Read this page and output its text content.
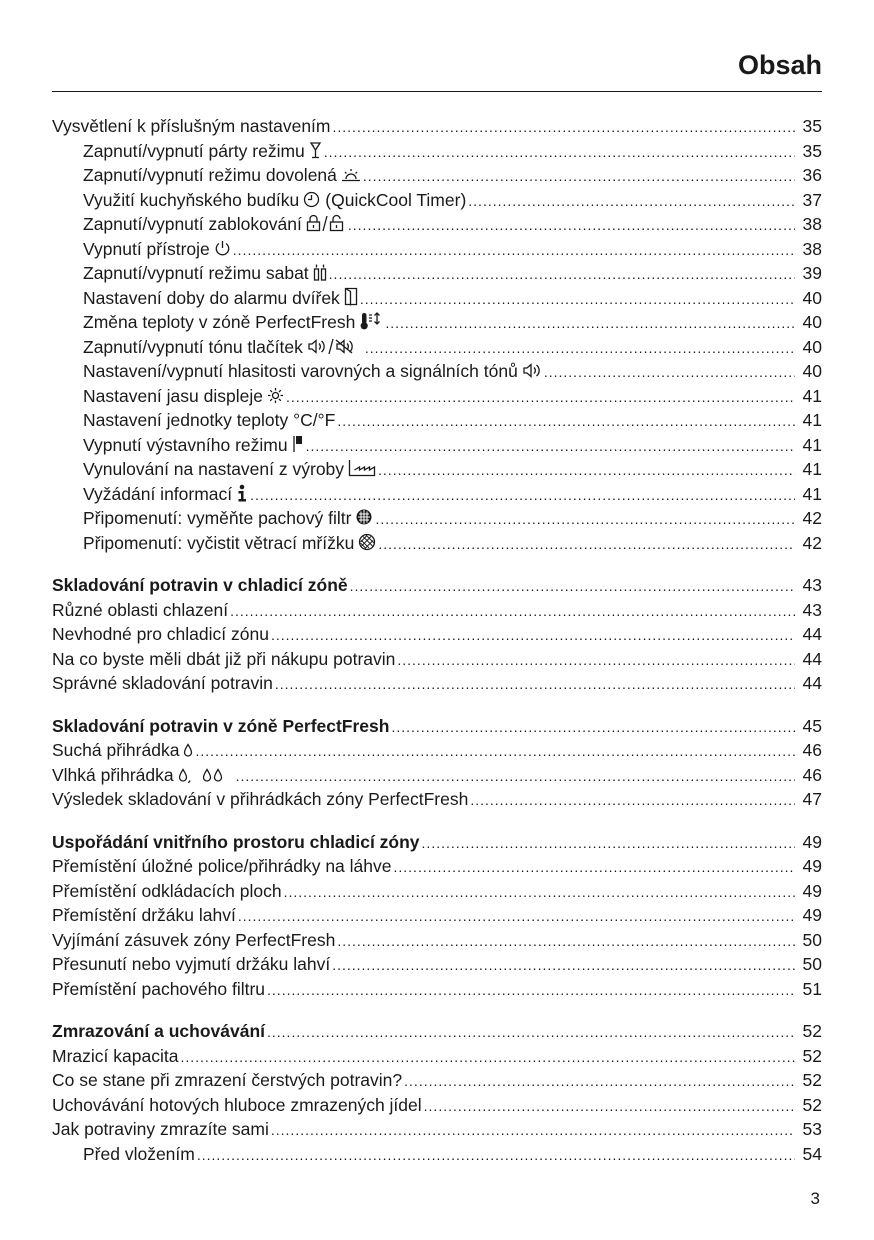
Obsah
Vysvětlení k příslušným nastavením .....	35
Zapnutí/vypnutí párty režimu .....	35
Zapnutí/vypnutí režimu dovolená .....	36
Využití kuchyňského budíku (QuickCool Timer) .....	37
Zapnutí/vypnutí zablokování .....	38
Vypnutí přístroje .....	38
Zapnutí/vypnutí režimu sabat .....	39
Nastavení doby do alarmu dvířek .....	40
Změna teploty v zóně PerfectFresh .....	40
Zapnutí/vypnutí tónu tlačítek .....	40
Nastavení/vypnutí hlasitosti varovných a signálních tónů .....	40
Nastavení jasu displeje .....	41
Nastavení jednotky teploty °C/°F .....	41
Vypnutí výstavního režimu .....	41
Vynulování na nastavení z výroby .....	41
Vyžádání informací .....	41
Připomenutí: vyměňte pachový filtr .....	42
Připomenutí: vyčistit větrací mřížku .....	42
Skladování potravin v chladicí zóně .....	43
Různé oblasti chlazení .....	43
Nevhodné pro chladicí zónu .....	44
Na co byste měli dbát již při nákupu potravin .....	44
Správné skladování potravin .....	44
Skladování potravin v zóně PerfectFresh .....	45
Suchá přihrádka .....	46
Vlhká přihrádka .....	46
Výsledek skladování v přihrádkách zóny PerfectFresh .....	47
Uspořádání vnitřního prostoru chladicí zóny .....	49
Přemístění úložné police/přihrádky na láhve .....	49
Přemístění odkládacích ploch .....	49
Přemístění držáku lahví .....	49
Vyjímání zásuvek zóny PerfectFresh .....	50
Přesunutí nebo vyjmutí držáku lahví .....	50
Přemístění pachového filtru .....	51
Zmrazování a uchovávání .....	52
Mrazicí kapacita .....	52
Co se stane při zmrazení čerstvých potravin? .....	52
Uchovávání hotových hluboce zmrazených jídel .....	52
Jak potraviny zmrazíte sami .....	53
Před vložením .....	54
3
